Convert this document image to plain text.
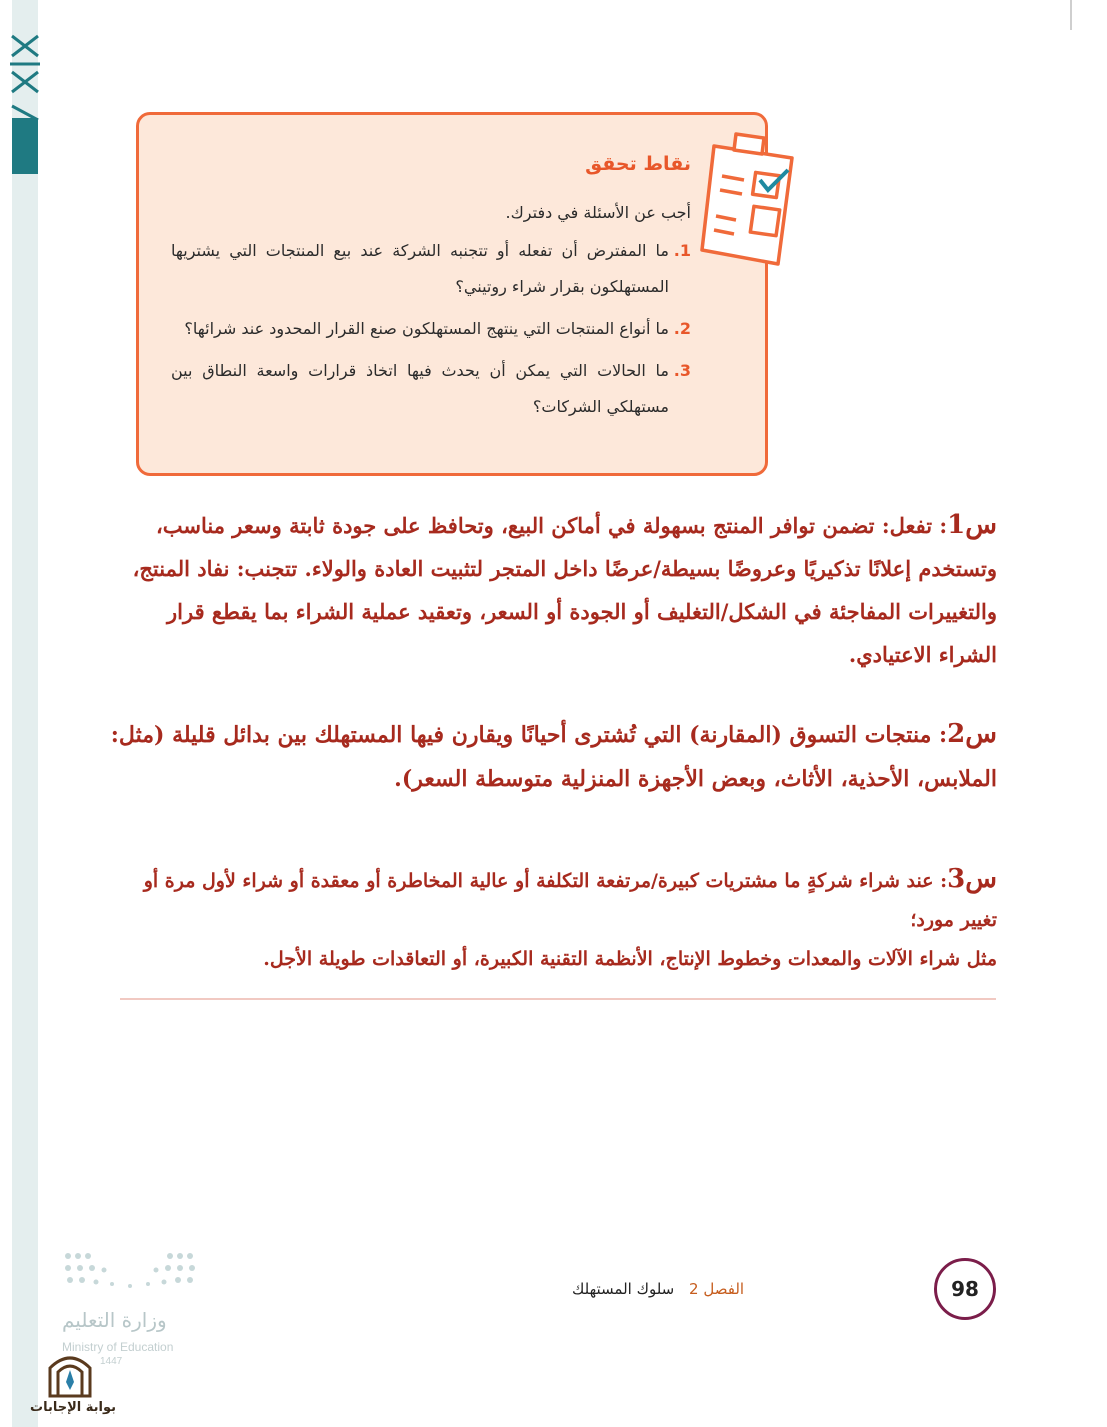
نقاط تحقق
أجب عن الأسئلة في دفترك.
1.
ما المفترض أن تفعله أو تتجنبه الشركة عند بيع المنتجات التي يشتريها المستهلكون بقرار شراء روتيني؟
2.
ما أنواع المنتجات التي ينتهج المستهلكون صنع القرار المحدود عند شرائها؟
3.
ما الحالات التي يمكن أن يحدث فيها اتخاذ قرارات واسعة النطاق بين مستهلكي الشركات؟
س1: تفعل: تضمن توافر المنتج بسهولة في أماكن البيع، وتحافظ على جودة ثابتة وسعر مناسب، وتستخدم إعلانًا تذكيريًا وعروضًا بسيطة/عرضًا داخل المتجر لتثبيت العادة والولاء. تتجنب: نفاد المنتج، والتغييرات المفاجئة في الشكل/التغليف أو الجودة أو السعر، وتعقيد عملية الشراء بما يقطع قرار الشراء الاعتيادي.
س2: منتجات التسوق (المقارنة) التي تُشترى أحيانًا ويقارن فيها المستهلك بين بدائل قليلة (مثل: الملابس، الأحذية، الأثاث، وبعض الأجهزة المنزلية متوسطة السعر).
س3: عند شراء شركةٍ ما مشتريات كبيرة/مرتفعة التكلفة أو عالية المخاطرة أو معقدة أو شراء لأول مرة أو تغيير مورد؛
مثل شراء الآلات والمعدات وخطوط الإنتاج، الأنظمة التقنية الكبيرة، أو التعاقدات طويلة الأجل.
98
الفصل 2 سلوك المستهلك
وزارة التعليم
Ministry of Education
1447
بوابة الإجابات
